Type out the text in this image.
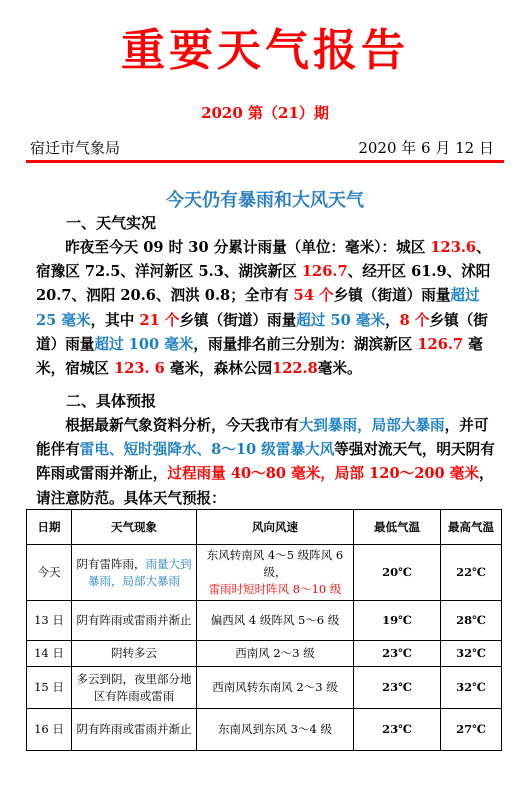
重要天气报告
2020 第（21）期
宿迁市气象局	2020 年 6 月 12 日
今天仍有暴雨和大风天气
一、天气实况
昨夜至今天 09 时 30 分累计雨量（单位：毫米）：城区 123.6、宿豫区 72.5、洋河新区 5.3、湖滨新区 126.7、经开区 61.9、沭阳 20.7、泗阳 20.6、泗洪 0.8；全市有 54 个乡镇（街道）雨量超过 25 毫米，其中 21 个乡镇（街道）雨量超过 50 毫米，8 个乡镇（街道）雨量超过 100 毫米，雨量排名前三分别为：湖滨新区 126.7 毫米，宿城区 123. 6 毫米，森林公园122.8毫米。
二、具体预报
根据最新气象资料分析，今天我市有大到暴雨，局部大暴雨，并可能伴有雷电、短时强降水、8～10 级雷暴大风等强对流天气，明天阴有阵雨或雷雨并渐止，过程雨量 40～80 毫米，局部 120～200 毫米，请注意防范。具体天气预报：
日期	天气现象	风向风速	最低气温	最高气温
今天	阴有雷阵雨，雨量大到暴雨，局部大暴雨	东风转南风 4～5 级阵风 6 级，
雷雨时短时阵风 8～10 级	20℃	22℃
13 日	阴有阵雨或雷雨并渐止	偏西风 4 级阵风 5～6 级	19℃	28℃
14 日	阴转多云	西南风 2～3 级	23℃	32℃
15 日	多云到阴，夜里部分地区有阵雨或雷雨	西南风转东南风 2～3 级	23℃	32℃
16 日	阴有阵雨或雷雨并渐止	东南风到东风 3～4 级	23℃	27℃
